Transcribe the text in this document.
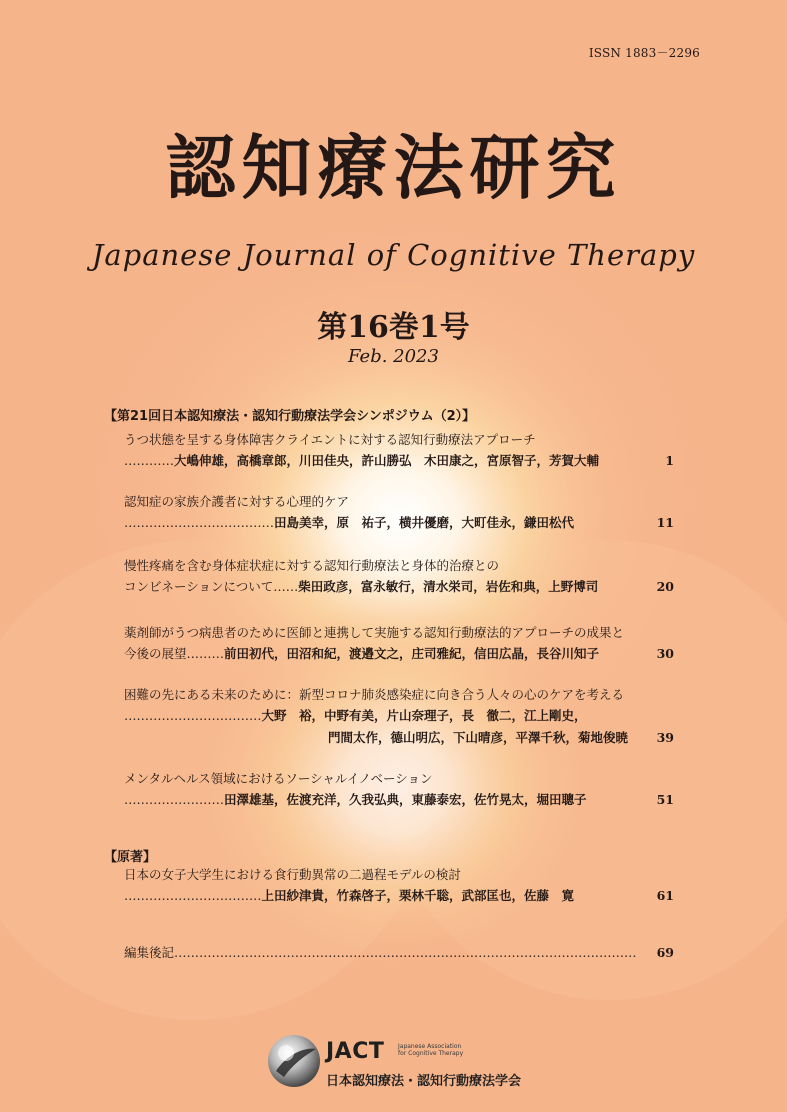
ISSN 1883－2296
認知療法研究
Japanese Journal of Cognitive Therapy
第16巻1号
Feb. 2023
【第21回日本認知療法・認知行動療法学会シンポジウム（2）】
うつ状態を呈する身体障害クライエントに対する認知行動療法アプローチ
…………大嶋伸雄，高橋章郎，川田佳央，許山勝弘　木田康之，宮原智子，芳賀大輔	1
認知症の家族介護者に対する心理的ケア
………………………………田島美幸，原　祐子，横井優磨，大町佳永，鎌田松代	11
慢性疼痛を含む身体症状症に対する認知行動療法と身体的治療との
コンビネーションについて……柴田政彦，富永敏行，清水栄司，岩佐和典，上野博司	20
薬剤師がうつ病患者のために医師と連携して実施する認知行動療法的アプローチの成果と
今後の展望………前田初代，田沼和紀，渡邉文之，庄司雅紀，信田広晶，長谷川知子	30
困難の先にある未来のために：新型コロナ肺炎感染症に向き合う人々の心のケアを考える
……………………………大野　裕，中野有美，片山奈理子，長　徹二，江上剛史，
門間太作，德山明広，下山晴彦，平澤千秋，菊地俊暁 39
メンタルヘルス領域におけるソーシャルイノベーション
……………………田澤雄基，佐渡充洋，久我弘典，東藤泰宏，佐竹晃太，堀田聰子	51
【原著】
日本の女子大学生における食行動異常の二過程モデルの検討
……………………………上田紗津貴，竹森啓子，栗林千聡，武部匡也，佐藤　寛	61
編集後記………………………………………………………………………………………………… 69
JACT Japanese Association for Cognitive Therapy
日本認知療法・認知行動療法学会
